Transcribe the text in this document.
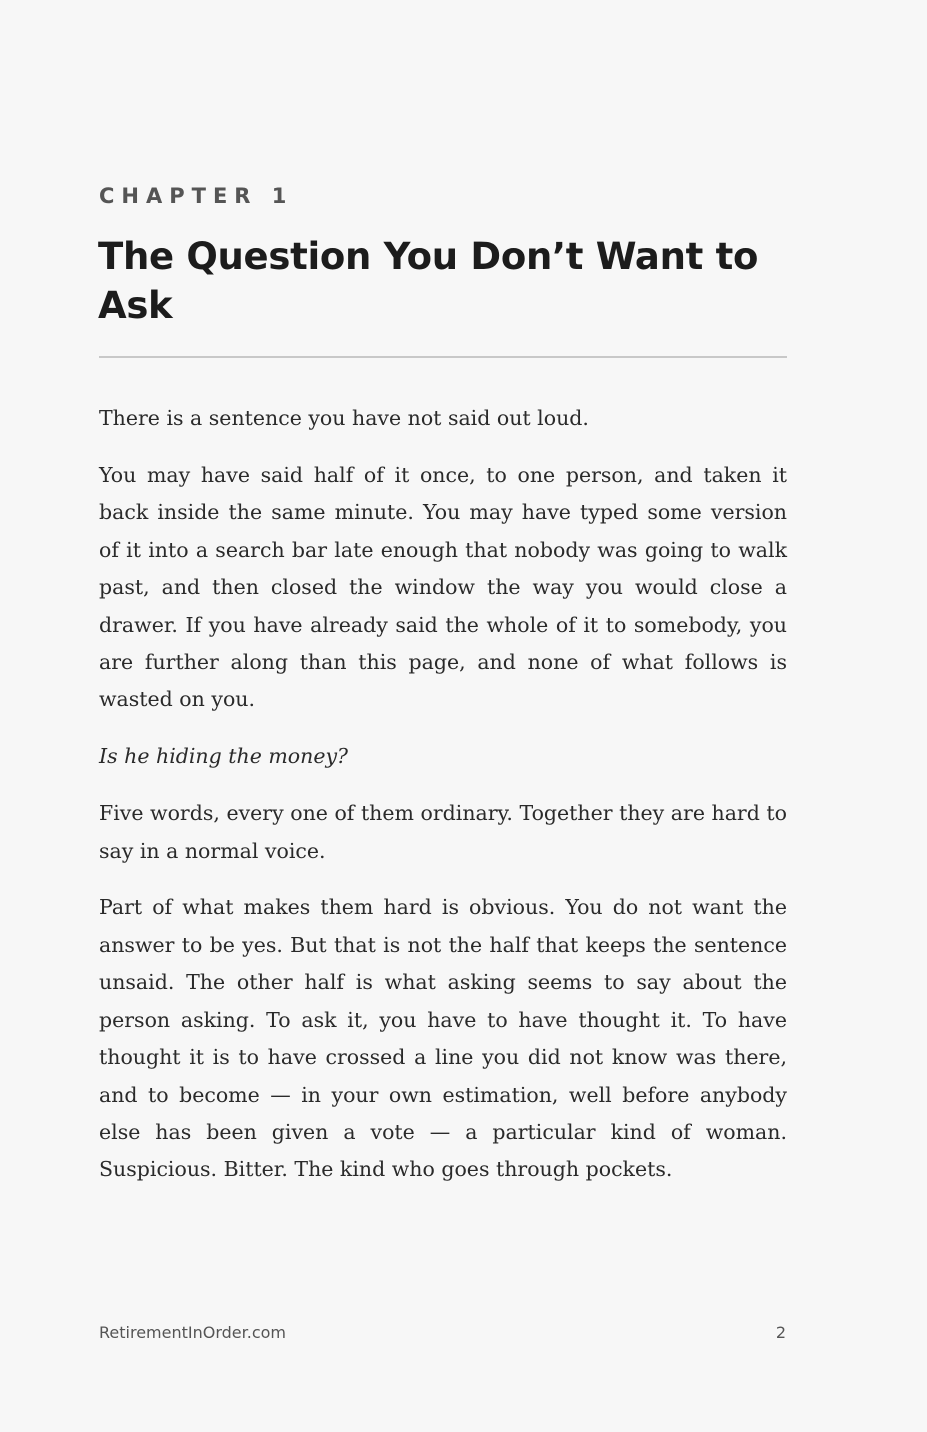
CHAPTER 1
The Question You Don’t Want to Ask

There is a sentence you have not said out loud.

You may have said half of it once, to one person, and taken it back inside the same minute. You may have typed some version of it into a search bar late enough that nobody was going to walk past, and then closed the window the way you would close a drawer. If you have already said the whole of it to somebody, you are further along than this page, and none of what follows is wasted on you.

Is he hiding the money?

Five words, every one of them ordinary. Together they are hard to say in a normal voice.

Part of what makes them hard is obvious. You do not want the answer to be yes. But that is not the half that keeps the sentence unsaid. The other half is what asking seems to say about the person asking. To ask it, you have to have thought it. To have thought it is to have crossed a line you did not know was there, and to become — in your own estimation, well before anybody else has been given a vote — a particular kind of woman. Suspicious. Bitter. The kind who goes through pockets.

RetirementInOrder.com	2
